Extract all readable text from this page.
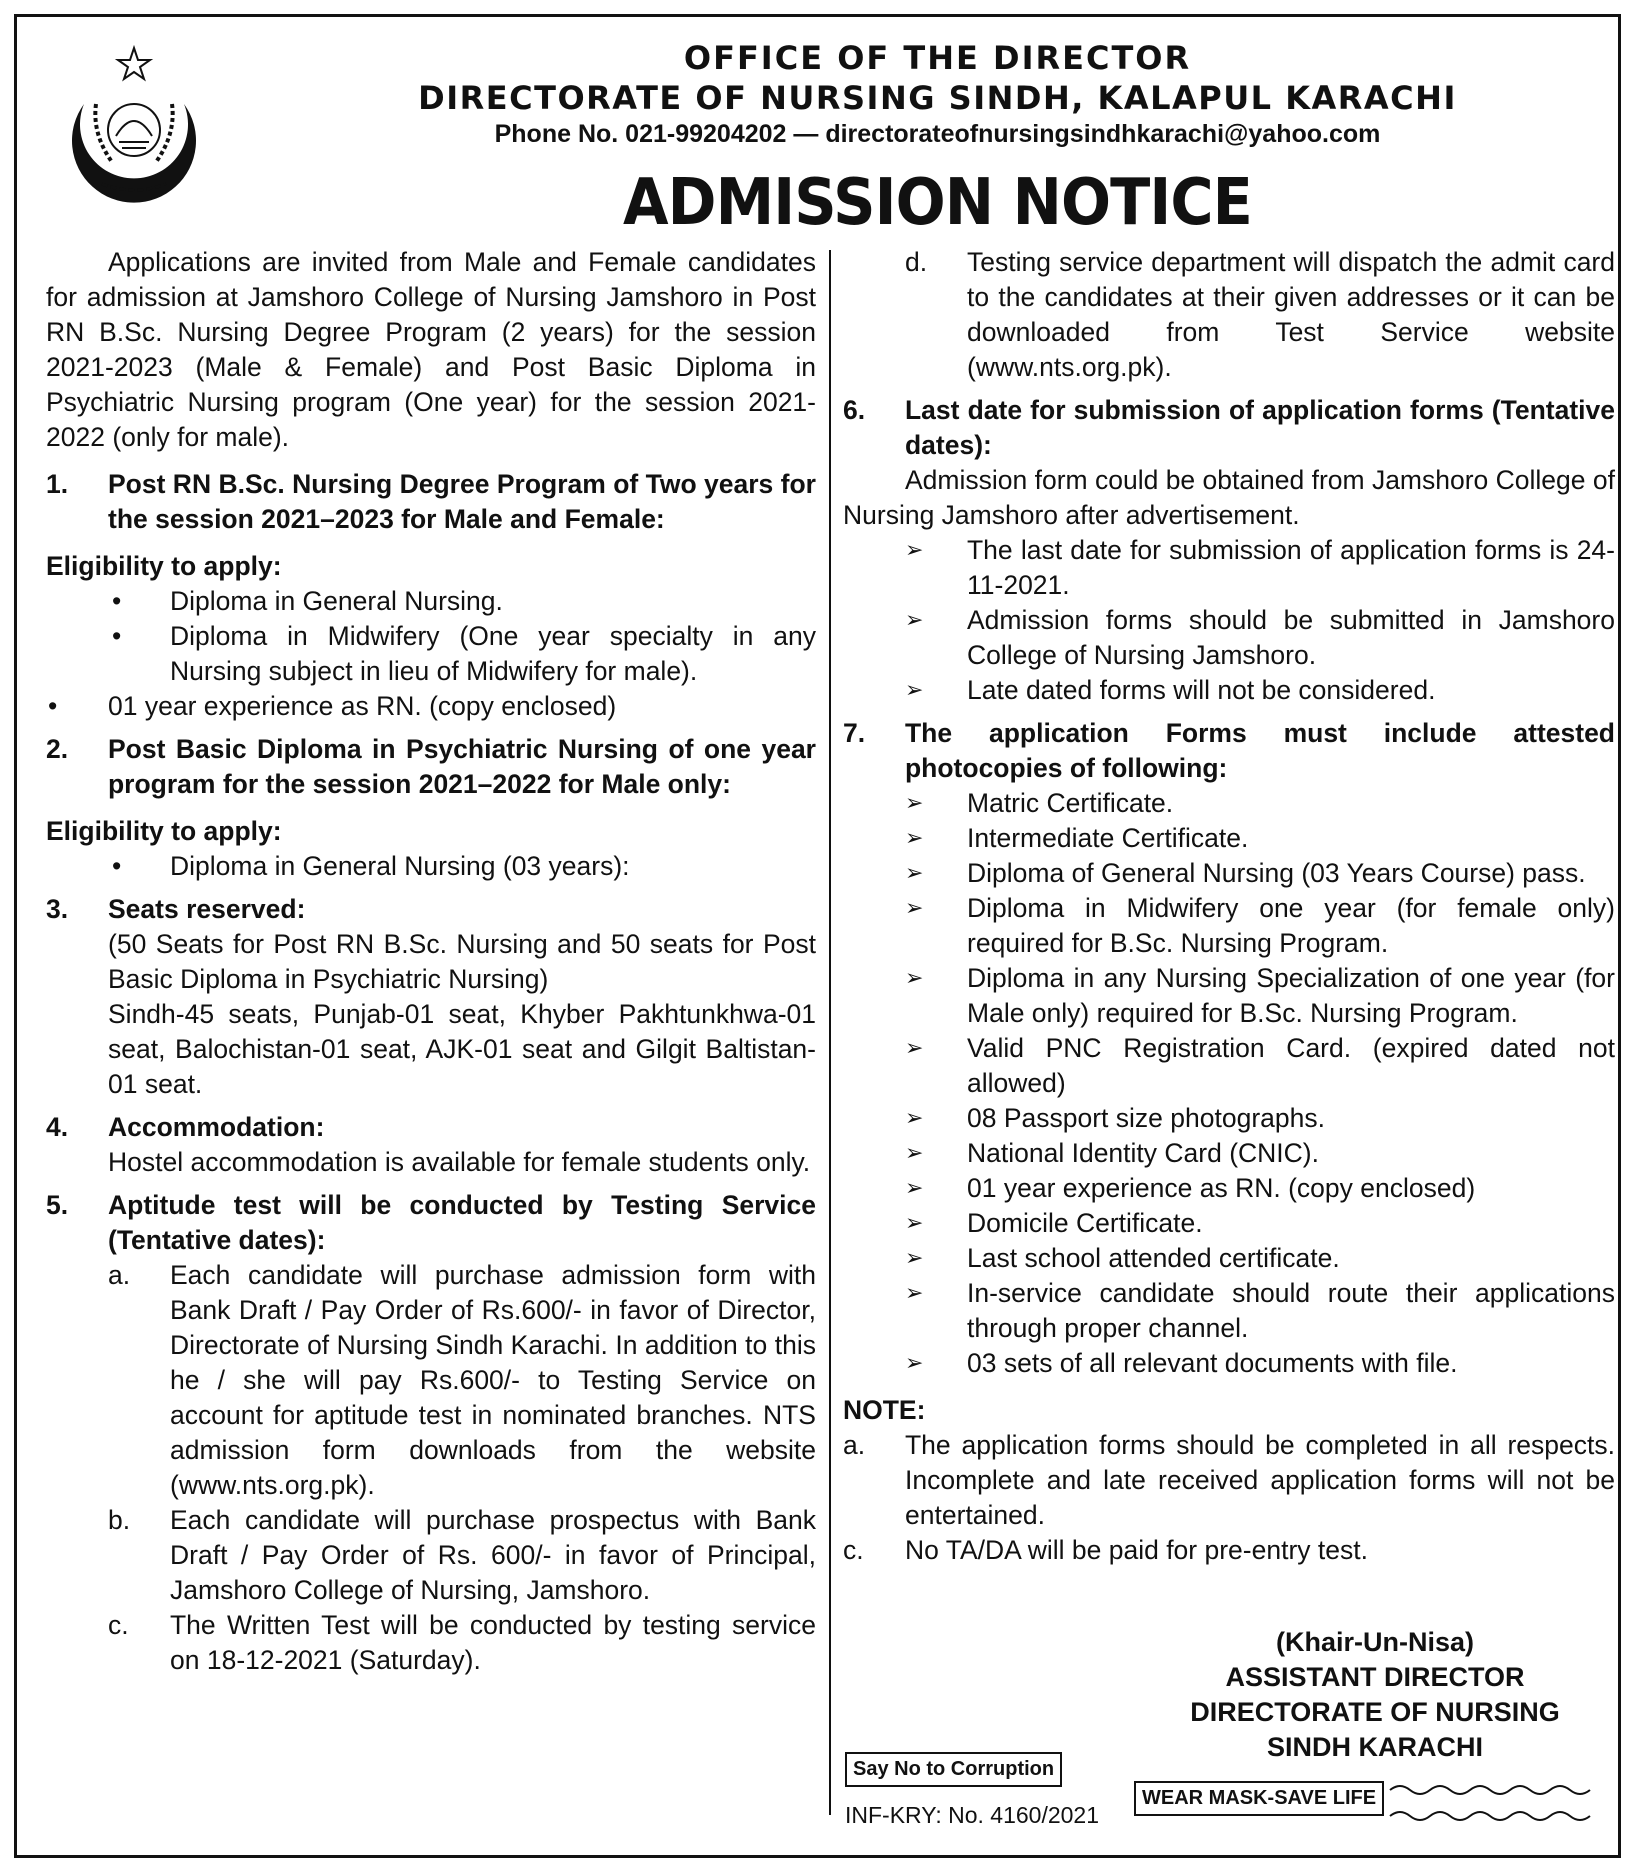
OFFICE OF THE DIRECTOR
DIRECTORATE OF NURSING SINDH, KALAPUL KARACHI
Phone No. 021-99204202 — directorateofnursingsindhkarachi@yahoo.com
ADMISSION NOTICE
Applications are invited from Male and Female candidates for admission at Jamshoro College of Nursing Jamshoro in Post RN B.Sc. Nursing Degree Program (2 years) for the session 2021-2023 (Male & Female) and Post Basic Diploma in Psychiatric Nursing program (One year) for the session 2021-2022 (only for male).
1.	Post RN B.Sc. Nursing Degree Program of Two years for the session 2021–2023 for Male and Female:
Eligibility to apply:
•	Diploma in General Nursing.
•	Diploma in Midwifery (One year specialty in any Nursing subject in lieu of Midwifery for male).
•	01 year experience as RN. (copy enclosed)
2.	Post Basic Diploma in Psychiatric Nursing of one year program for the session 2021–2022 for Male only:
Eligibility to apply:
•	Diploma in General Nursing (03 years):
3.	Seats reserved:
(50 Seats for Post RN B.Sc. Nursing and 50 seats for Post Basic Diploma in Psychiatric Nursing)
Sindh-45 seats, Punjab-01 seat, Khyber Pakhtunkhwa-01 seat, Balochistan-01 seat, AJK-01 seat and Gilgit Baltistan-01 seat.
4.	Accommodation:
Hostel accommodation is available for female students only.
5.	Aptitude test will be conducted by Testing Service (Tentative dates):
a.	Each candidate will purchase admission form with Bank Draft / Pay Order of Rs.600/- in favor of Director, Directorate of Nursing Sindh Karachi. In addition to this he / she will pay Rs.600/- to Testing Service on account for aptitude test in nominated branches. NTS admission form downloads from the website (www.nts.org.pk).
b.	Each candidate will purchase prospectus with Bank Draft / Pay Order of Rs. 600/- in favor of Principal, Jamshoro College of Nursing, Jamshoro.
c.	The Written Test will be conducted by testing service on 18-12-2021 (Saturday).
d.	Testing service department will dispatch the admit card to the candidates at their given addresses or it can be downloaded from Test Service website (www.nts.org.pk).
6.	Last date for submission of application forms (Tentative dates):
Admission form could be obtained from Jamshoro College of Nursing Jamshoro after advertisement.
➢	The last date for submission of application forms is 24-11-2021.
➢	Admission forms should be submitted in Jamshoro College of Nursing Jamshoro.
➢	Late dated forms will not be considered.
7.	The application Forms must include attested photocopies of following:
➢	Matric Certificate.
➢	Intermediate Certificate.
➢	Diploma of General Nursing (03 Years Course) pass.
➢	Diploma in Midwifery one year (for female only) required for B.Sc. Nursing Program.
➢	Diploma in any Nursing Specialization of one year (for Male only) required for B.Sc. Nursing Program.
➢	Valid PNC Registration Card. (expired dated not allowed)
➢	08 Passport size photographs.
➢	National Identity Card (CNIC).
➢	01 year experience as RN. (copy enclosed)
➢	Domicile Certificate.
➢	Last school attended certificate.
➢	In-service candidate should route their applications through proper channel.
➢	03 sets of all relevant documents with file.
NOTE:
a.	The application forms should be completed in all respects. Incomplete and late received application forms will not be entertained.
c.	No TA/DA will be paid for pre-entry test.
(Khair-Un-Nisa)
ASSISTANT DIRECTOR
DIRECTORATE OF NURSING
SINDH KARACHI
Say No to Corruption
INF-KRY: No. 4160/2021
WEAR MASK-SAVE LIFE
